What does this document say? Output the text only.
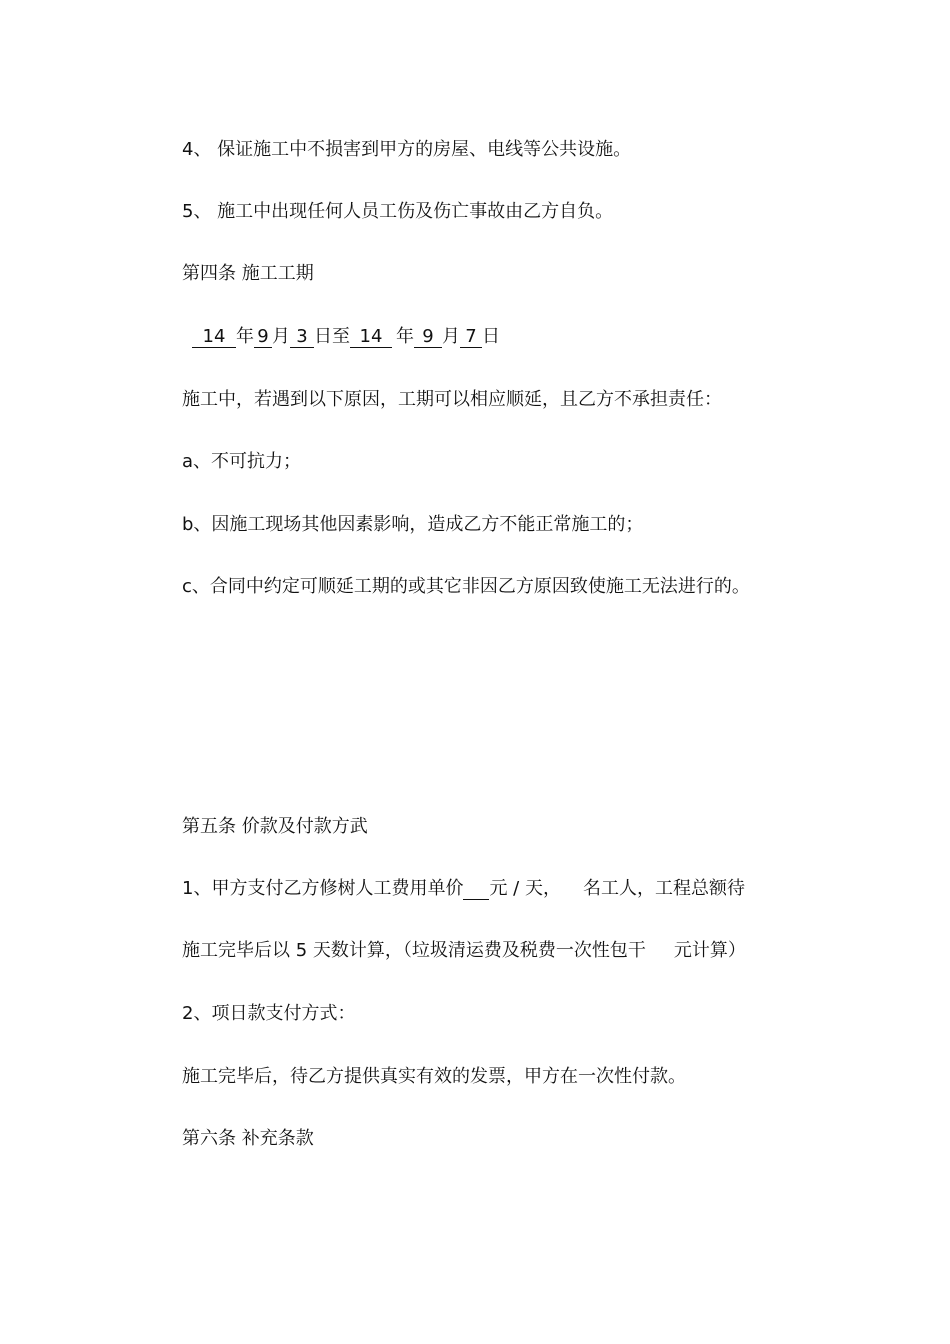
4、 保证施工中不损害到甲方的房屋、电线等公共设施。
5、 施工中出现任何人员工伤及伤亡事故由乙方自负。
第四条 施工工期
14 年 9 月 3 日至 14 年 9 月 7 日
施工中，若遇到以下原因，工期可以相应顺延，且乙方不承担责任：
a、不可抗力；
b、因施工现场其他因素影响，造成乙方不能正常施工的；
c、合同中约定可顺延工期的或其它非因乙方原因致使施工无法进行的。
第五条 价款及付款方武
1、甲方支付乙方修树人工费用单价 元 / 天， 名工人，工程总额待
施工完毕后以 5 天数计算，（垃圾清运费及税费一次性包干 元计算）
2、项日款支付方式：
施工完毕后，待乙方提供真实有效的发票，甲方在一次性付款。
第六条 补充条款
